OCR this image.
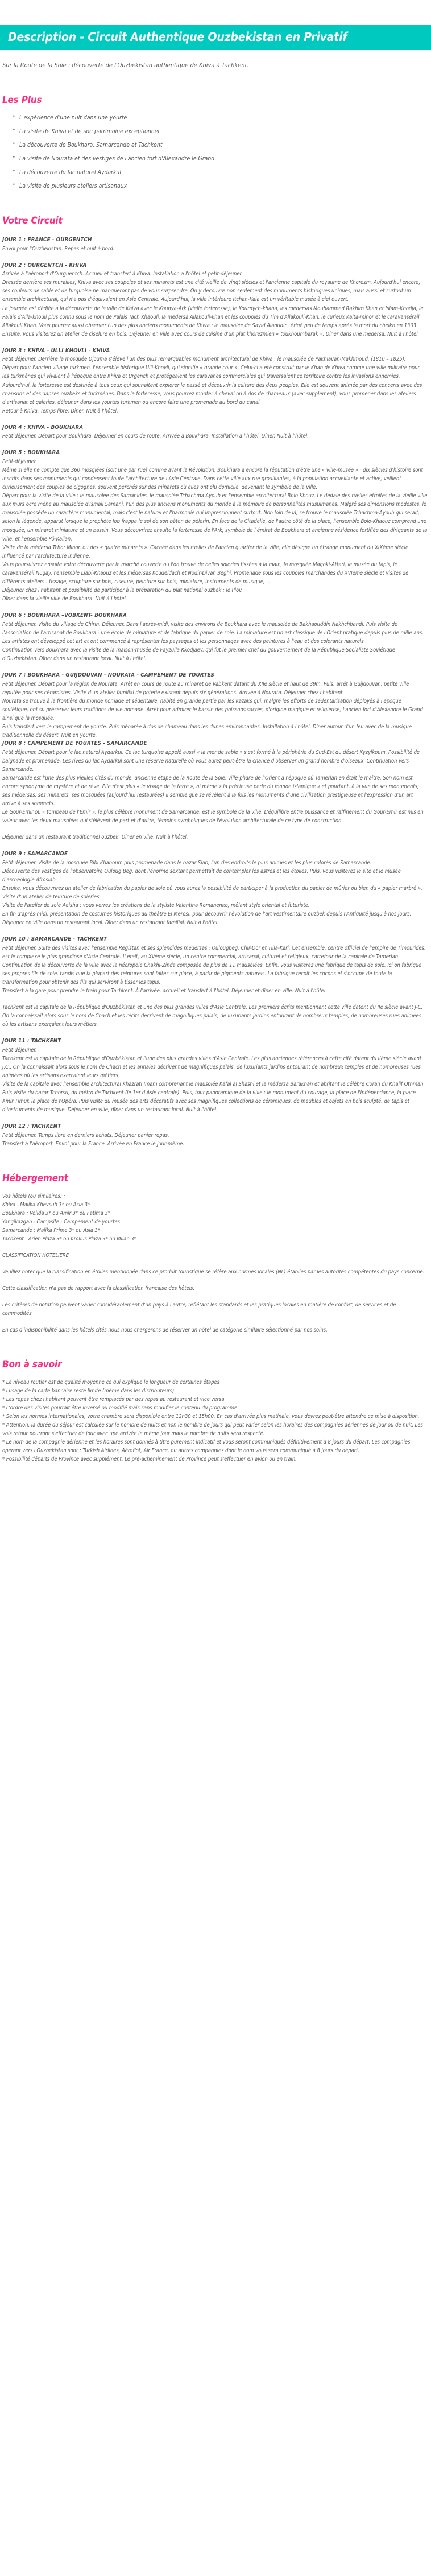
Description - Circuit Authentique Ouzbekistan en Privatif

Sur la Route de la Soie : découverte de l'Ouzbekistan authentique de Khiva à Tachkent.

Les Plus
• L'expérience d'une nuit dans une yourte
• La visite de Khiva et de son patrimoine exceptionnel
• La découverte de Boukhara, Samarcande et Tachkent
• La visite de Nourata et des vestiges de l'ancien fort d'Alexandre le Grand
• La découverte du lac naturel Aydarkul
• La visite de plusieurs ateliers artisanaux
Votre Circuit
JOUR 1 : FRANCE - OURGENTCH

Envol pour l'Ouzbekistan. Repas et nuit à bord.

JOUR 2 : OURGENTCH - KHIVA

Arrivée à l'aéroport d'Ourguentch. Accueil et transfert à Khiva. Installation à l'hôtel et petit-déjeuner.

Dressée derrière ses murailles, Khiva avec ses coupoles et ses minarets est une cité vieille de vingt siècles et l'ancienne capitale du royaume de Khorezm. Aujourd'hui encore, ses couleurs de sable et de turquoise ne manqueront pas de vous surprendre. On y découvre non seulement des monuments historiques uniques, mais aussi et surtout un ensemble architectural, qui n'a pas d'équivalent en Asie Centrale. Aujourd'hui, la ville intérieure Itchan-Kala est un véritable musée à ciel ouvert.

La journée est dédiée à la découverte de la ville de Khiva avec le Kounya-Ark (vielle forteresse), le Kournych-khana, les médersas Mouhammed Rakhim Khan et Islam-Khodja, le Palais d'Alla-khouli plus connu sous le nom de Palais Tach Khaouli, la medersa Allakouli-khan et les coupoles du Tim d'Allakouli-Khan, le curieux Kalta-minor et le caravansérail Allakouli Khan. Vous pourrez aussi observer l'un des plus anciens monuments de Khiva : le mausolée de Sayid Alaoudin, érigé peu de temps après la mort du cheikh en 1303. Ensuite, vous visiterez un atelier de ciselure en bois. Déjeuner en ville avec cours de cuisine d'un plat khorezmien « toukhoumbarak ». Dîner dans une medersa. Nuit à l'hôtel.

JOUR 3 : KHIVA - ULLI KHOVLI - KHIVA

Petit déjeuner. Derrière la mosquée Djouma s'élève l'un des plus remarquables monument architectural de Khiva : le mausolée de Pakhlavan-Makhmoud. (1810 – 1825).

Départ pour l'ancien village turkmen, l'ensemble historique Ulli-Khovli, qui signifie « grande cour ». Celui-ci a été construit par le Khan de Khiva comme une ville militaire pour les turkmènes qui vivaient à l'époque entre Khiva et Urgench et protégeaient les caravanes commerciales qui traversaient ce territoire contre les invasions ennemies. Aujourd'hui, la forteresse est destinée à tous ceux qui souhaitent explorer le passé et découvrir la culture des deux peuples. Elle est souvent animée par des concerts avec des chansons et des danses ouzbeks et turkmènes. Dans la forteresse, vous pourrez monter à cheval ou à dos de chameaux (avec supplément), vous promener dans les ateliers d'artisanat et galeries, déjeuner dans les yourtes turkmen ou encore faire une promenade au bord du canal.

Retour à Khiva. Temps libre. Dîner. Nuit à l'hôtel.

JOUR 4 : KHIVA - BOUKHARA

Petit déjeuner. Départ pour Boukhara. Déjeuner en cours de route. Arrivée à Boukhara. Installation à l'hôtel. Dîner. Nuit à l'hôtel.

JOUR 5 : BOUKHARA

Petit-déjeuner.

Même si elle ne compte que 360 mosqiées (soit une par rue) comme avant la Révolution, Boukhara a encore la réputation d'être une « ville-musée » : dix siècles d'histoire sont inscrits dans ses monuments qui condensent toute l'architecture de l'Asie Centrale. Dans cette ville aux rue grouillantes, à la population accueillante et active, veillent curieusement des couples de cigognes, souvent perchés sur des minarets où elles ont élu domicile, devenant le symbole de la ville.

Départ pour la visite de la ville : le mausolée des Samanides, le mausolée Tchachma Ayoub et l'ensemble architectural Bolo Khouz. Le dédale des ruelles étroites de la vieille ville aux murs ocre mène au mausolée d'Ismail Samani, l'un des plus anciens monuments du monde à la mémoire de personnalités musulmanes. Malgré ses dimensions modestes, le mausolée possède un caractère monumental, mais c'est le naturel et l'harmonie qui impressionnent surtout. Non loin de là, se trouve le mausolée Tchachma-Ayoub qui serait, selon la légende, apparut lorsque le prophète Job frappa le sol de son bâton de pèlerin. En face de la Citadelle, de l'autre côté de la place, l'ensemble Bolo-Khaouz comprend une mosquée, un minaret miniature et un bassin. Vous découvrirez ensuite la forteresse de l'Ark, symbole de l'émirat de Boukhara et ancienne résidence fortifiée des dirigeants de la ville, et l'ensemble Pö-Kalian,

Visite de la médersa Tchor Minor, ou des « quatre minarets ». Cachée dans les ruelles de l'ancien quartier de la ville, elle désigne un étrange monument du XIXème siècle influencé par l'architecture indienne.

Vous poursuivrez ensuite votre découverte par le marché couverte où l'on trouve de belles soieries tissées à la main, la mosquée Magoki-Attari, le musée du tapis, le caravansérail Nugay, l'ensemble Liabi-Khaouz et les médersas Koudeldach et Nodir-Divan Beghi. Promenade sous les coupoles marchandes du XVIème siècle et visites de différents ateliers : tissage, sculpture sur bois, ciselure, peinture sur bois, miniature, instruments de musique, …

Déjeuner chez l'habitant et possibilité de participer à la préparation du plat national ouzbek : le Plov.

Dîner dans la vieille ville de Boukhara. Nuit à l'hôtel.

JOUR 6 : BOUKHARA –VOBKENT- BOUKHARA

Petit déjeuner. Visite du village de Chirin. Déjeuner. Dans l'après-midi, visite des environs de Boukhara avec le mausolée de Bakhaouddin Nakhchbandi. Puis visite de l'association de l'artisanat de Boukhara : une école de miniature et de fabrique du papier de soie. La miniature est un art classique de l'Orient pratiqué depuis plus de mille ans. Les artistes ont développé cet art et ont commencé à représenter les paysages et les personnages avec des peintures à l'eau et des colorants naturels.

Continuation vers Boukhara avec la visite de la maison-musée de Fayzulla Kkodjaev, qui fut le premier chef du gouvernement de la République Socialiste Soviétique d'Ouzbekistan. Dîner dans un restaurant local. Nuit à l'hôtel.

JOUR 7 : BOUKHARA - GUIJDOUVAN - NOURATA - CAMPEMENT DE YOURTES

Petit déjeuner. Départ pour la région de Nourata. Arrêt en cours de route au minaret de Vabkent datant du XIIe siècle et haut de 39m. Puis, arrêt à Guijdouvan, petite ville réputée pour ses céramistes. Visite d'un atelier familial de poterie existant depuis six générations. Arrivée à Nourata. Déjeuner chez l'habitant.

Nourata se trouve à la frontière du monde nomade et sédentaire, habité en grande partie par les Kazaks qui, malgré les efforts de sédentarisation déployés à l'époque soviétique, ont su préserver leurs traditions de vie nomade. Arrêt pour admirer le bassin des poissons sacrés, d'origine magique et religieuse, l'ancien fort d'Alexandre le Grand ainsi que la mosquée.

Puis transfert vers le campement de yourte. Puis méharée à dos de chameau dans les dunes environnantes. Installation à l'hôtel. Dîner autour d'un feu avec de la musique traditionnelle du désert. Nuit en yourte.

JOUR 8 : CAMPEMENT DE YOURTES - SAMARCANDE

Petit déjeuner. Départ pour le lac naturel Aydarkul. Ce lac turquoise appelé aussi « la mer de sable » s'est formé à la périphérie du Sud-Est du désert Kyzylkoum. Possibilité de baignade et promenade. Les rives du lac Aydarkul sont une réserve naturelle où vous aurez peut-être la chance d'observer un grand nombre d'oiseaux. Continuation vers Samarcande.

Samarcande est l'une des plus vieilles cités du monde, ancienne étape de la Route de la Soie, ville-phare de l'Orient à l'époque où Tamerlan en était le maître. Son nom est encore synonyme de mystère et de rêve. Elle n'est plus « le visage de la terre », ni même « la précieuse perle du monde islamique » et pourtant, à la vue de ses monuments, ses médersas, ses minarets, ses mosquées (aujourd'hui restaurées) il semble que se révèlent à la fois les monuments d'une civilisation prestigieuse et l'expression d'un art arrivé à ses sommets.

Le Gour-Emir ou « tombeau de l'Emir », le plus célèbre monument de Samarcande, est le symbole de la ville. L'équilibre entre puissance et raffinement du Gour-Emir est mis en valeur avec les deux mausolées qui s'élèvent de part et d'autre, témoins symboliques de l'évolution architecturale de ce type de construction.

Déjeuner dans un restaurant traditionnel ouzbek. Dîner en ville. Nuit à l'hôtel.

JOUR 9 : SAMARCANDE

Petit déjeuner. Visite de la mosquée Bibi Khanoum puis promenade dans le bazar Siab, l'un des endroits le plus animés et les plus colorés de Samarcande.

Découverte des vestiges de l'observatoire Ouloug Beg, dont l'énorme sextant permettait de contempler les astres et les étoiles. Puis, vous visiterez le site et le musée d'archéologie Afrosiab.

Ensuite, vous découvrirez un atelier de fabrication du papier de soie où vous aurez la possibilité de participer à la production du papier de mûrier ou bien du « papier marbré ». Visite d'un atelier de teinture de soieries.

Visite de l'atelier de soie Aeisha : vous verrez les créations de la styliste Valentina Romanenko, mêlant style oriental et futuriste.

En fin d'après-midi, présentation de costumes historiques au théâtre El Merosi, pour découvrir l'évolution de l'art vestimentaire ouzbek depuis l'Antiquité jusqu'à nos jours.

Déjeuner en ville dans un restaurant local. Dîner dans un restaurant familial. Nuit à l'hôtel.

JOUR 10 : SAMARCANDE - TACHKENT

Petit déjeuner. Suite des visites avec l'ensemble Registan et ses splendides medersas : Oulougbeg, Chir-Dor et Tilla-Kari. Cet ensemble, centre officiel de l'empire de Timourides, est le complexe le plus grandiose d'Asie Centrale. Il était, au XVème siècle, un centre commercial, artisanal, culturel et religieux, carrefour de la capitale de Tamerlan.

Continuation de la découverte de la ville avec la nécropole Chakhi-Zinda composée de plus de 11 mausolées. Enfin, vous visiterez une fabrique de tapis de soie. Ici on fabrique ses propres fils de soie, tandis que la plupart des teintures sont faites sur place, à partir de pigments naturels. La fabrique reçoit les cocons et s'occupe de toute la transformation pour obtenir des fils qui serviront à tisser les tapis.

Transfert à la gare pour prendre le train pour Tachkent. À l'arrivée, accueil et transfert à l'hôtel. Déjeuner et dîner en ville. Nuit à l'hôtel.

Tachkent est la capitale de la République d'Ouzbékistan et une des plus grandes villes d'Asie Centrale. Les premiers écrits mentionnant cette ville datent du IIe siècle avant J-C. On la connaissait alors sous le nom de Chach et les récits décrivent de magnifiques palais, de luxuriants jardins entourant de nombreux temples, de nombreuses rues animées où les artisans exerçaient leurs métiers.

JOUR 11 : TACHKENT

Petit déjeuner.

Tachkent est la capitale de la République d'Ouzbékistan et l'une des plus grandes villes d'Asie Centrale. Les plus anciennes références à cette cité datent du IIème siècle avant J.C.. On la connaissait alors sous le nom de Chach et les annales décrivent de magnifiques palais, de luxuriants jardins entourant de nombreux temples et de nombreuses rues animées où les artisans exerçaient leurs métiers.

Visite de la capitale avec l'ensemble architectural Khazrati Imam comprenant le mausolée Kafal al Shashi et la médersa Barakhan et abritant le célèbre Coran du Khalif Othman. Puis visite du bazar Tchorsu, du métro de Tachkent (le 1er d'Asie centrale). Puis, tour panoramique de la ville : le monument du courage, la place de l'Indépendance, la place Amir Timur, la place de l'Opéra. Puis visite du musée des arts décoratifs avec ses magnifiques collections de céramiques, de meubles et objets en bois sculpté, de tapis et d'instruments de musique. Déjeuner en ville, dîner dans un restaurant local. Nuit à l'hôtel.

JOUR 12 : TACHKENT

Petit déjeuner. Temps libre en derniers achats. Déjeuner panier repas.

Transfert à l'aéroport. Envol pour la France. Arrivée en France le jour-même.

Hébergement

Vos hôtels (ou similaires) :

Khiva : Malika Khevsuh 3* ou Asia 3*

Boukhara : Volida 3* ou Amir 3* ou Fatima 3*

Yangikazgan : Campsite : Campement de yourtes

Samarcande : Malika Prime 3* ou Asia 3*

Tachkent : Arien Plaza 3* ou Krokus Plaza 3* ou Milan 3*

CLASSIFICATION HOTELIERE

Veuillez noter que la classification en étoiles mentionnée dans ce produit touristique se réfère aux normes locales (NL) établies par les autorités compétentes du pays concerné.

Cette classification n'a pas de rapport avec la classification française des hôtels.

Les critères de notation peuvent varier considérablement d'un pays à l'autre, reflétant les standards et les pratiques locales en matière de confort, de services et de commodités.

En cas d'indisponibilité dans les hôtels cités nous nous chargerons de réserver un hôtel de catégorie similaire sélectionné par nos soins.

Bon à savoir
* Le niveau routier est de qualité moyenne ce qui explique le longueur de certaines étapes
* Lusage de la carte bancaire reste limité (même dans les distributeurs)
* Les repas chez l'habitant peuvent être remplacés par des repas au restaurant et vice versa
* L'ordre des visites pourrait être inversé ou modifié mais sans modifier le contenu du programme
* Selon les normes internationales, votre chambre sera disponible entre 12h30 et 15h00. En cas d'arrivée plus matinale, vous devrez peut-être attendre ce mise à disposition.
* Attention, la durée du séjour est calculée sur le nombre de nuits et non le nombre de jours qui peut varier selon les horaires des compagnies aériennes de jour ou de nuit. Les vols retour pourront s'effectuer de jour avec une arrivée le même jour mais le nombre de nuits sera respecté.
* Le nom de la compagnie aérienne et les horaires sont donnés à titre purement indicatif et vous seront communiqués définitivement à 8 jours du départ. Les compagnies opérant vers l'Ouzbekistan sont : Turkish Airlines, Aéroflot, Air France, ou autres compagnies dont le nom vous sera communiqué à 8 jours du départ.
* Possibilité départs de Province avec supplément. Le pré-acheminement de Province peut s'effectuer en avion ou en train.
